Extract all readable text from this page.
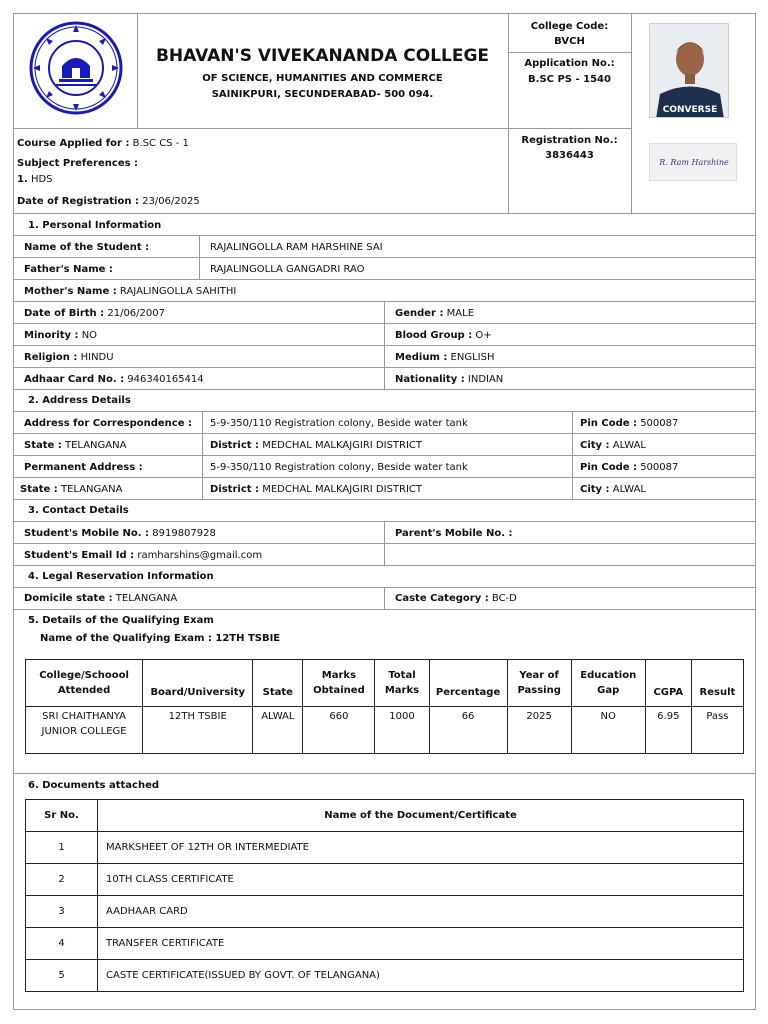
BHAVAN'S VIVEKANANDA COLLEGE
OF SCIENCE, HUMANITIES AND COMMERCE
SAINIKPURI, SECUNDERABAD- 500 094.
College Code:
BVCH
Application No.:
B.SC PS - 1540
Registration No.:
3836443
CONVERSE
R. Ram Harshine
Course Applied for : B.SC CS - 1
Subject Preferences :
1. HDS
Date of Registration : 23/06/2025
1. Personal Information
Name of the Student :	RAJALINGOLLA RAM HARSHINE SAI
Father's Name :	RAJALINGOLLA GANGADRI RAO
Mother's Name : RAJALINGOLLA SAHITHI
Date of Birth : 21/06/2007	Gender : MALE
Minority : NO	Blood Group : O+
Religion : HINDU	Medium : ENGLISH
Adhaar Card No. : 946340165414	Nationality : INDIAN
2. Address Details
Address for Correspondence : 5-9-350/110 Registration colony, Beside water tank	Pin Code : 500087
State : TELANGANA	District : MEDCHAL MALKAJGIRI DISTRICT	City : ALWAL
Permanent Address :	5-9-350/110 Registration colony, Beside water tank	Pin Code : 500087
State : TELANGANA	District : MEDCHAL MALKAJGIRI DISTRICT	City : ALWAL
3. Contact Details
Student's Mobile No. : 8919807928	Parent's Mobile No. :
Student's Email Id : ramharshins@gmail.com
4. Legal Reservation Information
Domicile state : TELANGANA	Caste Category : BC-D
5. Details of the Qualifying Exam
Name of the Qualifying Exam : 12TH TSBIE
College/Schoool Attended	Board/University	State	Marks Obtained	Total Marks	Percentage	Year of Passing	Education Gap	CGPA	Result
SRI CHAITHANYA JUNIOR COLLEGE	12TH TSBIE	ALWAL	660	1000	66	2025	NO	6.95	Pass
6. Documents attached
Sr No.	Name of the Document/Certificate
1	MARKSHEET OF 12TH OR INTERMEDIATE
2	10TH CLASS CERTIFICATE
3	AADHAAR CARD
4	TRANSFER CERTIFICATE
5	CASTE CERTIFICATE(ISSUED BY GOVT. OF TELANGANA)
